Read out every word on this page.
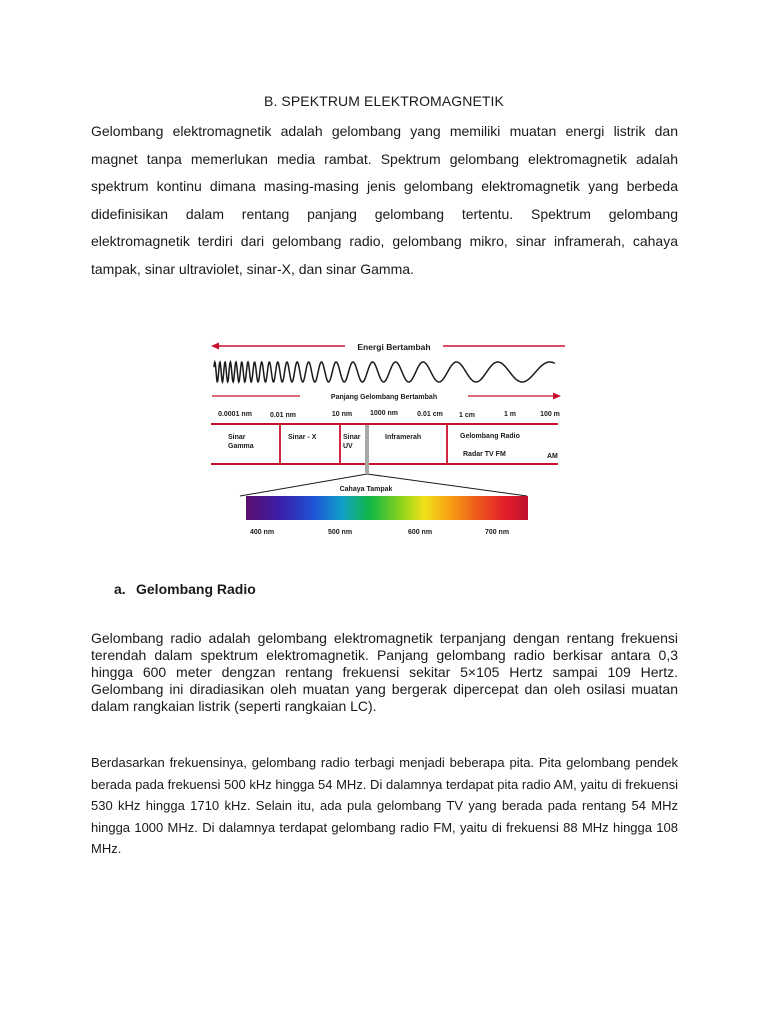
B. SPEKTRUM ELEKTROMAGNETIK

Gelombang elektromagnetik adalah gelombang yang memiliki muatan energi listrik dan magnet tanpa memerlukan media rambat. Spektrum gelombang elektromagnetik adalah spektrum kontinu dimana masing-masing jenis gelombang elektromagnetik yang berbeda didefinisikan dalam rentang panjang gelombang tertentu. Spektrum gelombang elektromagnetik terdiri dari gelombang radio, gelombang mikro, sinar inframerah, cahaya tampak, sinar ultraviolet, sinar-X, dan sinar Gamma.

Energi Bertambah
Panjang Gelombang Bertambah
0.0001 nm	0.01 nm	10 nm	1000 nm	0.01 cm 1 cm	1 m	100 m
Sinar
Gamma
Sinar - X	Sinar
UV
Inframerah	Gelombang Radio
Radar TV FM	AM
Cahaya Tampak
400 nm	500 nm	600 nm	700 nm
a. Gelombang Radio

Gelombang radio adalah gelombang elektromagnetik terpanjang dengan rentang frekuensi terendah dalam spektrum elektromagnetik. Panjang gelombang radio berkisar antara 0,3 hingga 600 meter dengzan rentang frekuensi sekitar 5×105 Hertz sampai 109 Hertz. Gelombang ini diradiasikan oleh muatan yang bergerak dipercepat dan oleh osilasi muatan dalam rangkaian listrik (seperti rangkaian LC).

Berdasarkan frekuensinya, gelombang radio terbagi menjadi beberapa pita. Pita gelombang pendek berada pada frekuensi 500 kHz hingga 54 MHz. Di dalamnya terdapat pita radio AM, yaitu di frekuensi 530 kHz hingga 1710 kHz. Selain itu, ada pula gelombang TV yang berada pada rentang 54 MHz hingga 1000 MHz. Di dalamnya terdapat gelombang radio FM, yaitu di frekuensi 88 MHz hingga 108 MHz.
